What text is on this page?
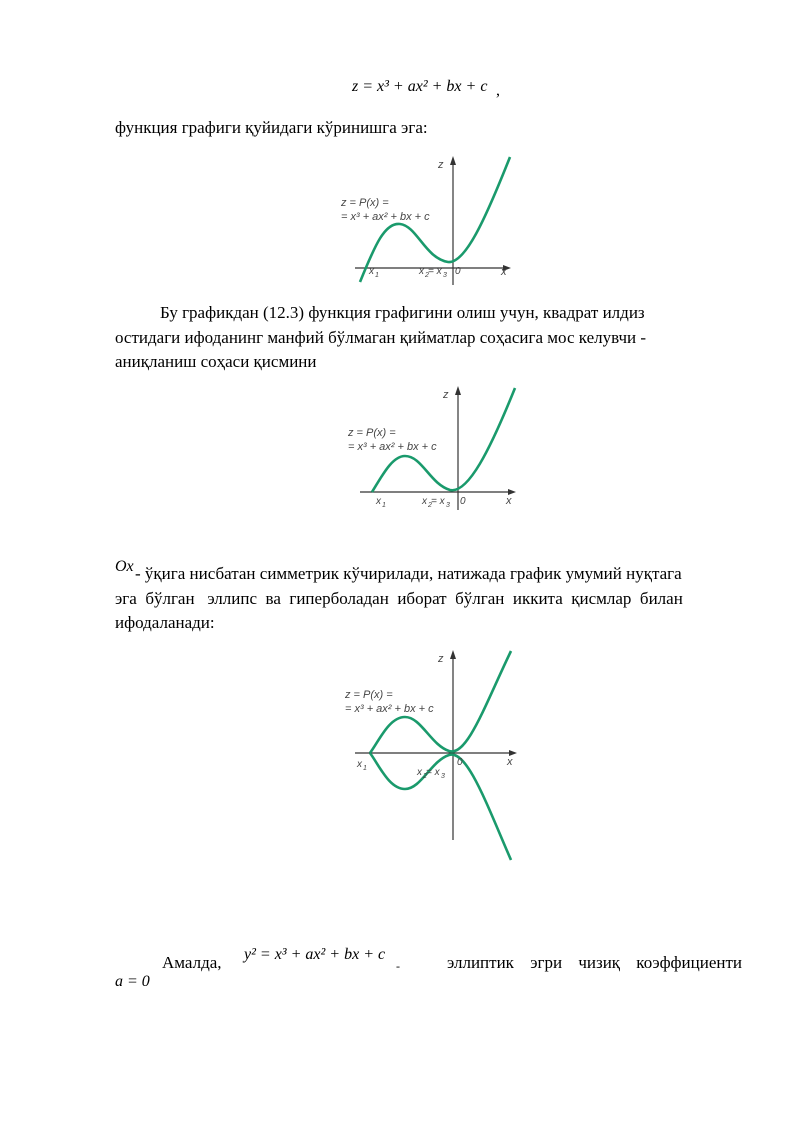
z = x³ + ax² + bx + c ,
функция графиги қуйидаги кўринишга эга:
z
x
0
x 1	x 2 = x 3
z = P(x) =
= x³ + ax² + bx + c
Бу графикдан (12.3) функция графигини олиш учун, квадрат илдиз
остидаги ифоданинг манфий бўлмаган қийматлар соҳасига мос келувчи -
аниқланиш соҳаси қисмини
z
x
0
x 1	x 2 = x 3
z = P(x) =
= x³ + ax² + bx + c
Ox - ўқига нисбатан симметрик кўчирилади, натижада график умумий нуқтага
эга  бўлган   эллипс  ва  гиперболадан  иборат  бўлган  иккита  қисмлар  билан
ифодаланади:
z
x
0
x 1	x 2 = x 3
z = P(x) =
= x³ + ax² + bx + c
Амалда, y² = x³ + ax² + bx + c
-	эллиптик эгри чизиқ коэффициенти
a = 0
